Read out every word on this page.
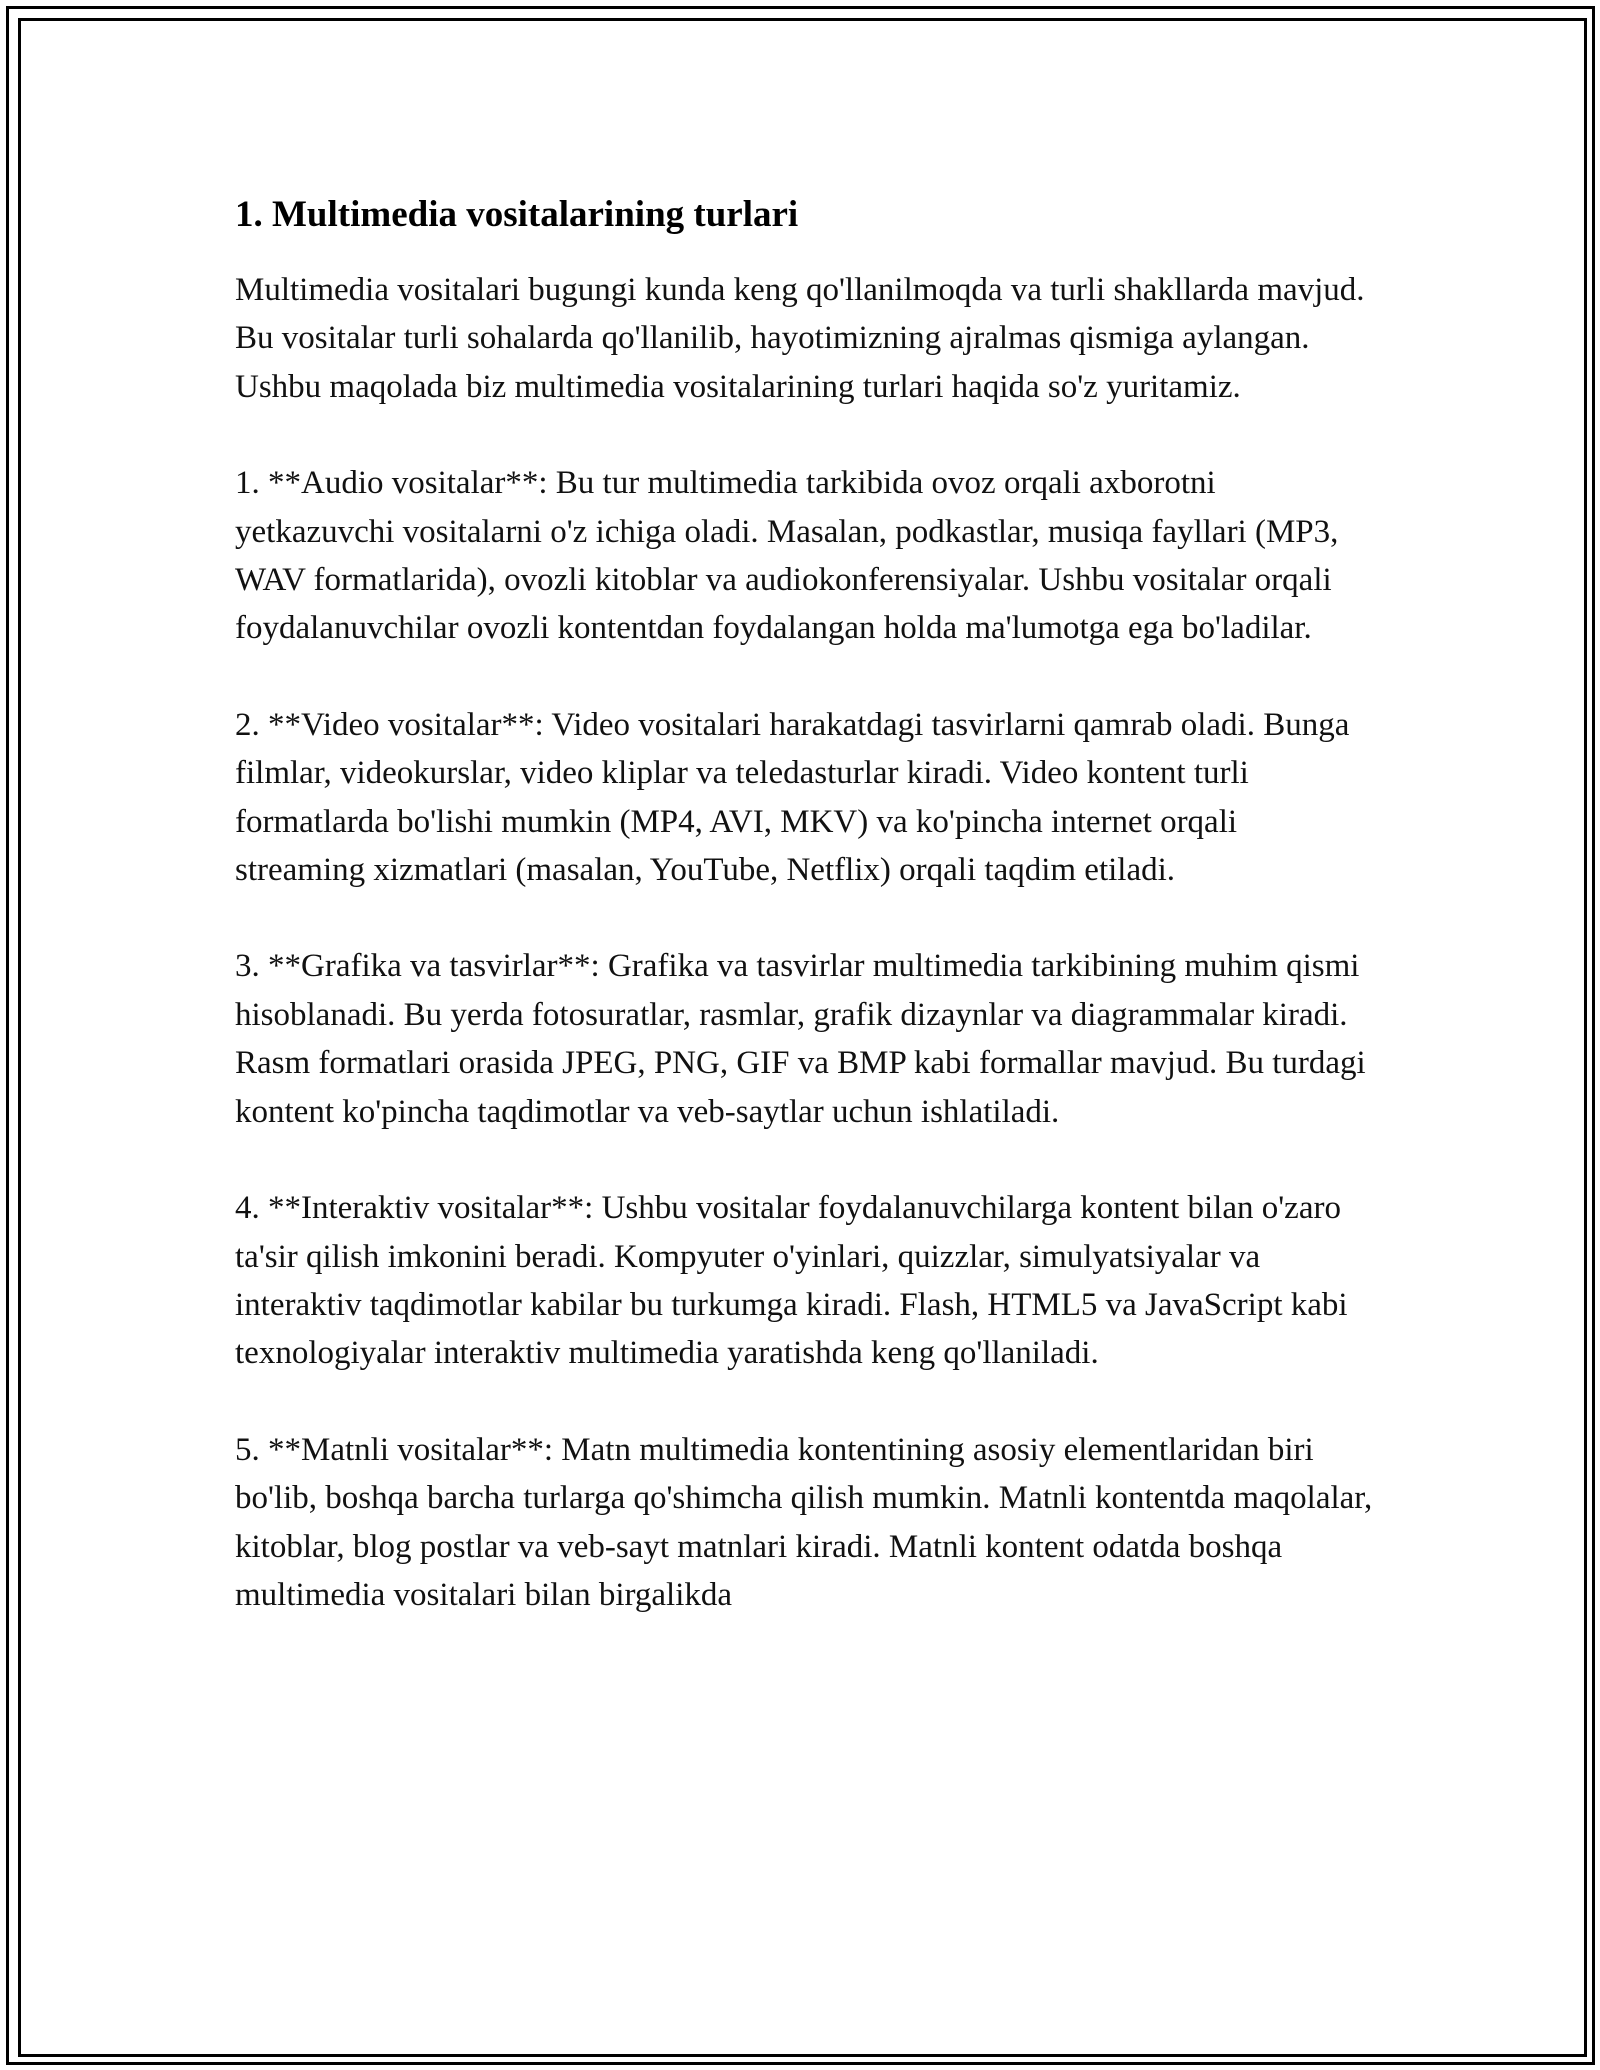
1. Multimedia vositalarining turlari

Multimedia vositalari bugungi kunda keng qo'llanilmoqda va turli shakllarda mavjud. Bu vositalar turli sohalarda qo'llanilib, hayotimizning ajralmas qismiga aylangan. Ushbu maqolada biz multimedia vositalarining turlari haqida so'z yuritamiz.

1. **Audio vositalar**: Bu tur multimedia tarkibida ovoz orqali axborotni yetkazuvchi vositalarni o'z ichiga oladi. Masalan, podkastlar, musiqa fayllari (MP3, WAV formatlarida), ovozli kitoblar va audiokonferensiyalar. Ushbu vositalar orqali foydalanuvchilar ovozli kontentdan foydalangan holda ma'lumotga ega bo'ladilar.

2. **Video vositalar**: Video vositalari harakatdagi tasvirlarni qamrab oladi. Bunga filmlar, videokurslar, video kliplar va teledasturlar kiradi. Video kontent turli formatlarda bo'lishi mumkin (MP4, AVI, MKV) va ko'pincha internet orqali streaming xizmatlari (masalan, YouTube, Netflix) orqali taqdim etiladi.

3. **Grafika va tasvirlar**: Grafika va tasvirlar multimedia tarkibining muhim qismi hisoblanadi. Bu yerda fotosuratlar, rasmlar, grafik dizaynlar va diagrammalar kiradi. Rasm formatlari orasida JPEG, PNG, GIF va BMP kabi formallar mavjud. Bu turdagi kontent ko'pincha taqdimotlar va veb-saytlar uchun ishlatiladi.

4. **Interaktiv vositalar**: Ushbu vositalar foydalanuvchilarga kontent bilan o'zaro ta'sir qilish imkonini beradi. Kompyuter o'yinlari, quizzlar, simulyatsiyalar va interaktiv taqdimotlar kabilar bu turkumga kiradi. Flash, HTML5 va JavaScript kabi texnologiyalar interaktiv multimedia yaratishda keng qo'llaniladi.

5. **Matnli vositalar**: Matn multimedia kontentining asosiy elementlaridan biri bo'lib, boshqa barcha turlarga qo'shimcha qilish mumkin. Matnli kontentda maqolalar, kitoblar, blog postlar va veb-sayt matnlari kiradi. Matnli kontent odatda boshqa multimedia vositalari bilan birgalikda
